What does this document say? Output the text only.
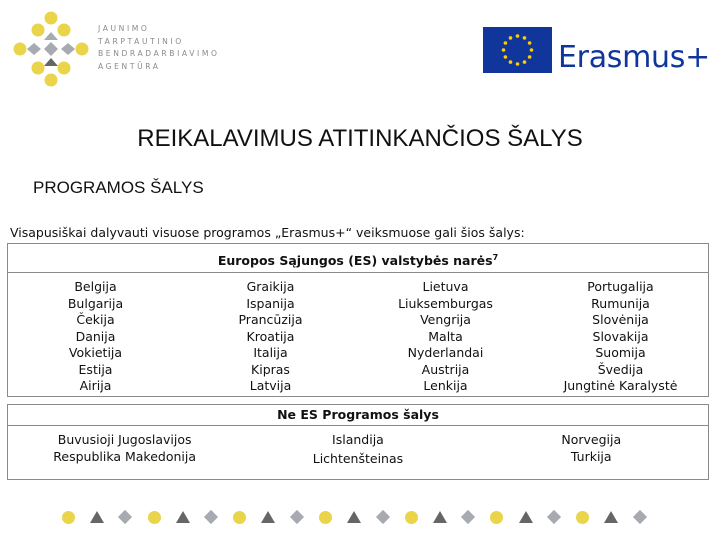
JAUNIMO
TARPTAUTINIO
BENDRADARBIAVIMO
AGENTŪRA	Erasmus+
REIKALAVIMUS ATITINKANČIOS ŠALYS
PROGRAMOS ŠALYS
Visapusiškai dalyvauti visuose programos „Erasmus+“ veiksmuose gali šios šalys:
Europos Sąjungos (ES) valstybės narės$^7$
Belgija
Bulgarija
Čekija
Danija
Vokietija
Estija
Airija
Graikija
Ispanija
Prancūzija
Kroatija
Italija
Kipras
Latvija
Lietuva
Liuksemburgas
Vengrija
Malta
Nyderlandai
Austrija
Lenkija
Portugalija
Rumunija
Slovėnija
Slovakija
Suomija
Švedija
Jungtinė Karalystė
Ne ES Programos šalys
Buvusioji Jugoslavijos
Respublika Makedonija
Islandija
Lichtenšteinas
Norvegija
Turkija
